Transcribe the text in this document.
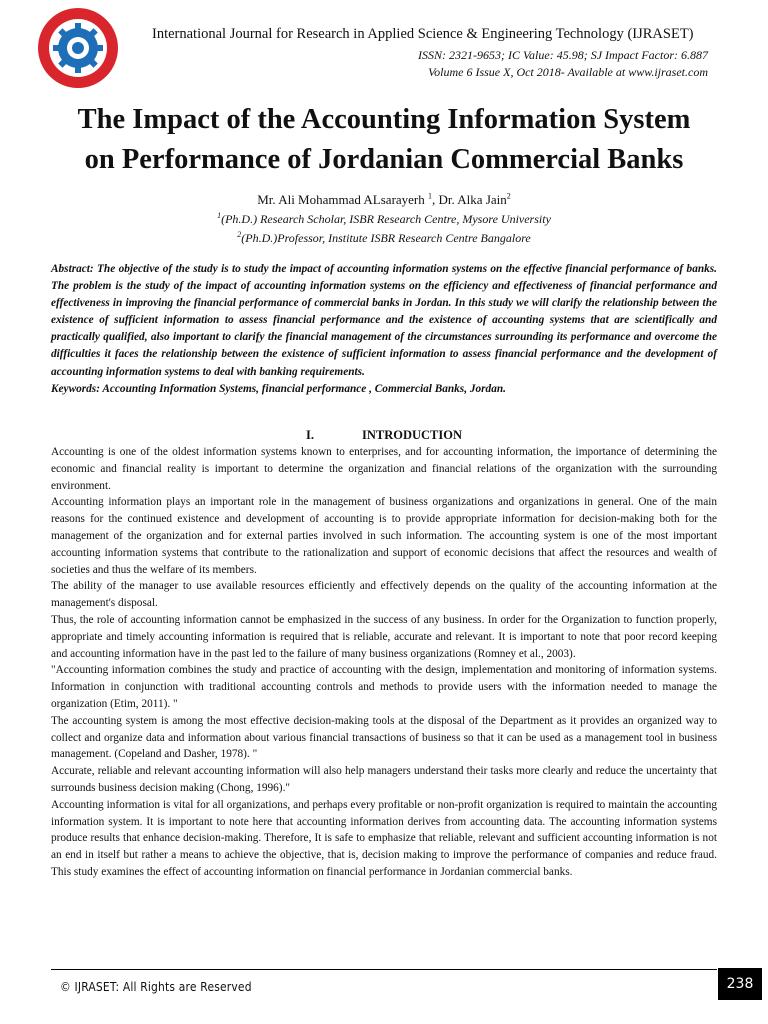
International Journal for Research in Applied Science & Engineering Technology (IJRASET)
ISSN: 2321-9653; IC Value: 45.98; SJ Impact Factor: 6.887
Volume 6 Issue X, Oct 2018- Available at www.ijraset.com
The Impact of the Accounting Information System
on Performance of Jordanian Commercial Banks
Mr. Ali Mohammad ALsarayerh $^1$, Dr. Alka Jain$^2$
$^1$(Ph.D.) Research Scholar, ISBR Research Centre, Mysore University
$^2$(Ph.D.)Professor, Institute ISBR Research Centre Bangalore

Abstract: The objective of the study is to study the impact of accounting information systems on the effective financial performance of banks. The problem is the study of the impact of accounting information systems on the efficiency and effectiveness of financial performance and effectiveness in improving the financial performance of commercial banks in Jordan. In this study we will clarify the relationship between the existence of sufficient information to assess financial performance and the existence of accounting systems that are scientifically and practically qualified, also important to clarify the financial management of the circumstances surrounding its performance and overcome the difficulties it faces the relationship between the existence of sufficient information to assess financial performance and the development of accounting information systems to deal with banking requirements.

Keywords: Accounting Information Systems, financial performance , Commercial Banks, Jordan.

I.	INTRODUCTION

Accounting is one of the oldest information systems known to enterprises, and for accounting information, the importance of determining the economic and financial reality is important to determine the organization and financial relations of the organization with the surrounding environment.

Accounting information plays an important role in the management of business organizations and organizations in general. One of the main reasons for the continued existence and development of accounting is to provide appropriate information for decision-making both for the management of the organization and for external parties involved in such information. The accounting system is one of the most important accounting information systems that contribute to the rationalization and support of economic decisions that affect the resources and wealth of societies and thus the welfare of its members.

The ability of the manager to use available resources efficiently and effectively depends on the quality of the accounting information at the management's disposal.

Thus, the role of accounting information cannot be emphasized in the success of any business. In order for the Organization to function properly, appropriate and timely accounting information is required that is reliable, accurate and relevant. It is important to note that poor record keeping and accounting information have in the past led to the failure of many business organizations (Romney et al., 2003).

"Accounting information combines the study and practice of accounting with the design, implementation and monitoring of information systems. Information in conjunction with traditional accounting controls and methods to provide users with the information needed to manage the organization (Etim, 2011). "

The accounting system is among the most effective decision-making tools at the disposal of the Department as it provides an organized way to collect and organize data and information about various financial transactions of business so that it can be used as a management tool in business management. (Copeland and Dasher, 1978). "

Accurate, reliable and relevant accounting information will also help managers understand their tasks more clearly and reduce the uncertainty that surrounds business decision making (Chong, 1996)."

Accounting information is vital for all organizations, and perhaps every profitable or non-profit organization is required to maintain the accounting information system. It is important to note here that accounting information derives from accounting data. The accounting information systems produce results that enhance decision-making. Therefore, It is safe to emphasize that reliable, relevant and sufficient accounting information is not an end in itself but rather a means to achieve the objective, that is, decision making to improve the performance of companies and reduce fraud. This study examines the effect of accounting information on financial performance in Jordanian commercial banks.

© IJRASET: All Rights are Reserved	238
